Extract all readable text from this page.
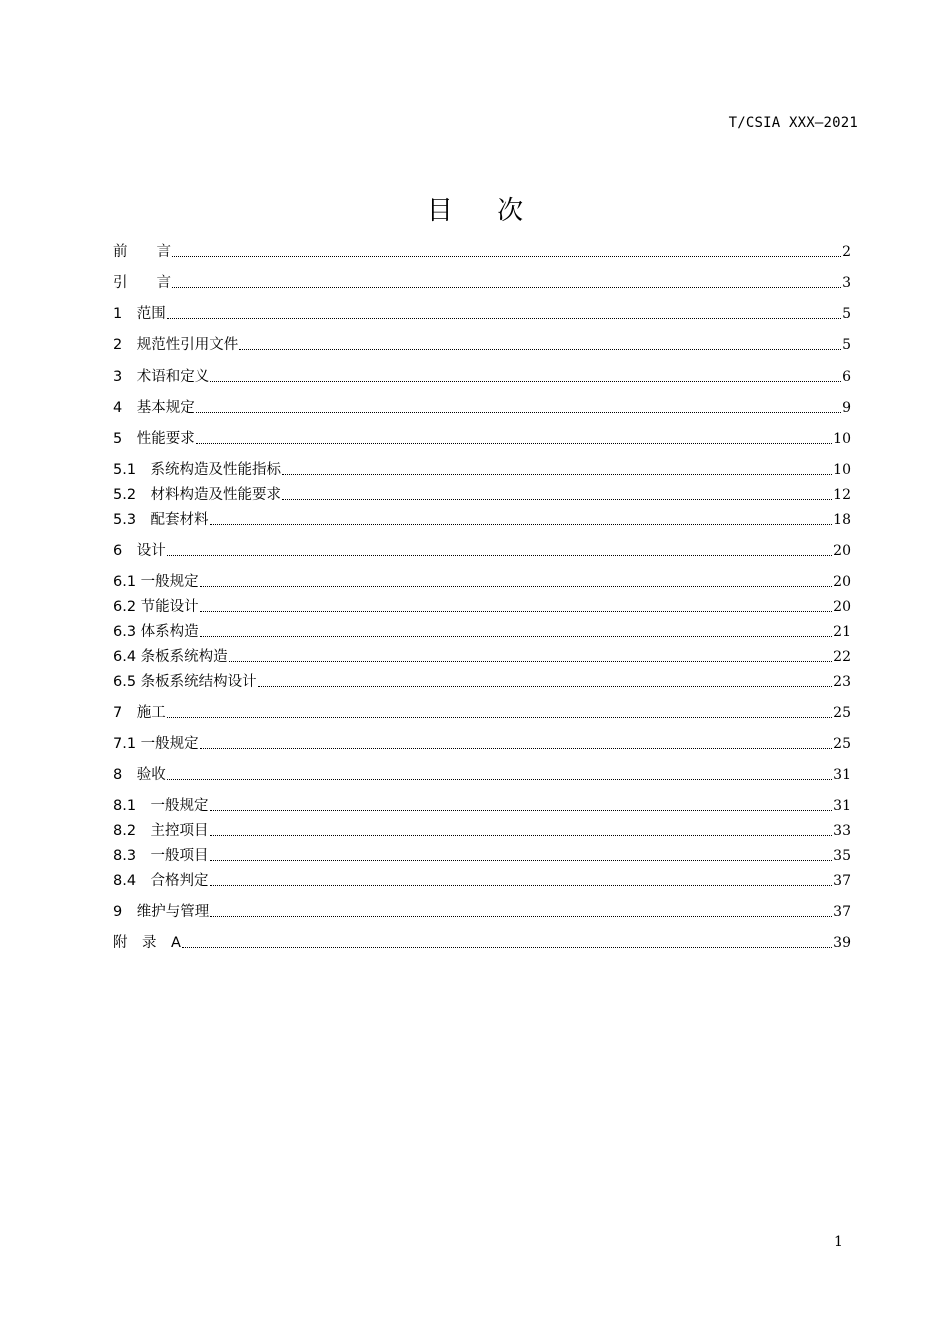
T/CSIA XXX—2021
目 次
前　　言	2
引　　言	3
1　范围	5
2　规范性引用文件	5
3　术语和定义	6
4　基本规定	9
5　性能要求	10
5.1　系统构造及性能指标	10
5.2　材料构造及性能要求	12
5.3　配套材料	18
6　设计	20
6.1 一般规定	20
6.2 节能设计	20
6.3 体系构造	21
6.4 条板系统构造	22
6.5 条板系统结构设计	23
7　施工	25
7.1 一般规定	25
8　验收	31
8.1　一般规定	31
8.2　主控项目	33
8.3　一般项目	35
8.4　合格判定	37
9　维护与管理	37
附　录　A	39
1
